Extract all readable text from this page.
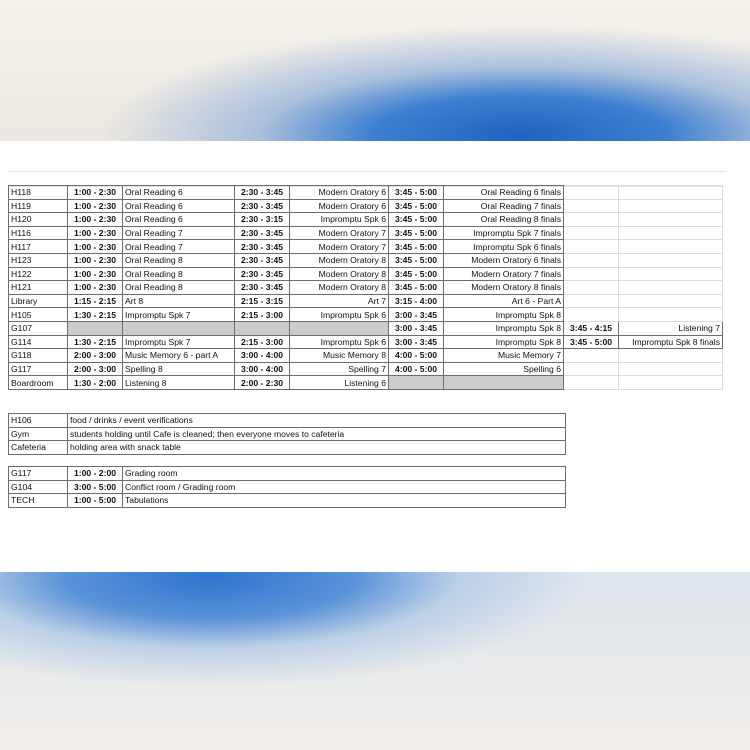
H118	1:00 - 2:30	Oral Reading 6	2:30 - 3:45	Modern Oratory 6	3:45 - 5:00	Oral Reading 6 finals		
H119	1:00 - 2:30	Oral Reading 6	2:30 - 3:45	Modern Oratory 6	3:45 - 5:00	Oral Reading 7 finals		
H120	1:00 - 2:30	Oral Reading 6	2:30 - 3:15	Impromptu Spk 6	3:45 - 5:00	Oral Reading 8 finals		
H116	1:00 - 2:30	Oral Reading 7	2:30 - 3:45	Modern Oratory 7	3:45 - 5:00	Impromptu Spk 7 finals		
H117	1:00 - 2:30	Oral Reading 7	2:30 - 3:45	Modern Oratory 7	3:45 - 5:00	Impromptu Spk 6 finals		
H123	1:00 - 2:30	Oral Reading 8	2:30 - 3:45	Modern Oratory 8	3:45 - 5:00	Modern Oratory 6 finals		
H122	1:00 - 2:30	Oral Reading 8	2:30 - 3:45	Modern Oratory 8	3:45 - 5:00	Modern Oratory 7 finals		
H121	1:00 - 2:30	Oral Reading 8	2:30 - 3:45	Modern Oratory 8	3:45 - 5:00	Modern Oratory 8 finals		
Library	1:15 - 2:15	Art 8	2:15 - 3:15	Art 7	3:15 - 4:00	Art 6 - Part A		
H105	1:30 - 2:15	Impromptu Spk 7	2:15 - 3:00	Impromptu Spk 6	3:00 - 3:45	Impromptu Spk 8		
G107					3:00 - 3:45	Impromptu Spk 8	3:45 - 4:15	Listening 7
G114	1:30 - 2:15	Impromptu Spk 7	2:15 - 3:00	Impromptu Spk 6	3:00 - 3:45	Impromptu Spk 8	3:45 - 5:00	Impromptu Spk 8 finals
G118	2:00 - 3:00	Music Memory 6 - part A	3:00 - 4:00	Music Memory 8	4:00 - 5:00	Music Memory 7		
G117	2:00 - 3:00	Spelling 8	3:00 - 4:00	Spelling 7	4:00 - 5:00	Spelling 6		
Boardroom	1:30 - 2:00	Listening 8	2:00 - 2:30	Listening 6				
H106	food / drinks / event verifications
Gym	students holding until Cafe is cleaned; then everyone moves to cafeteria
Cafeteria	holding area with snack table
G117	1:00 - 2:00	Grading room
G104	3:00 - 5:00	Conflict room / Grading room
TECH	1:00 - 5:00	Tabulations
